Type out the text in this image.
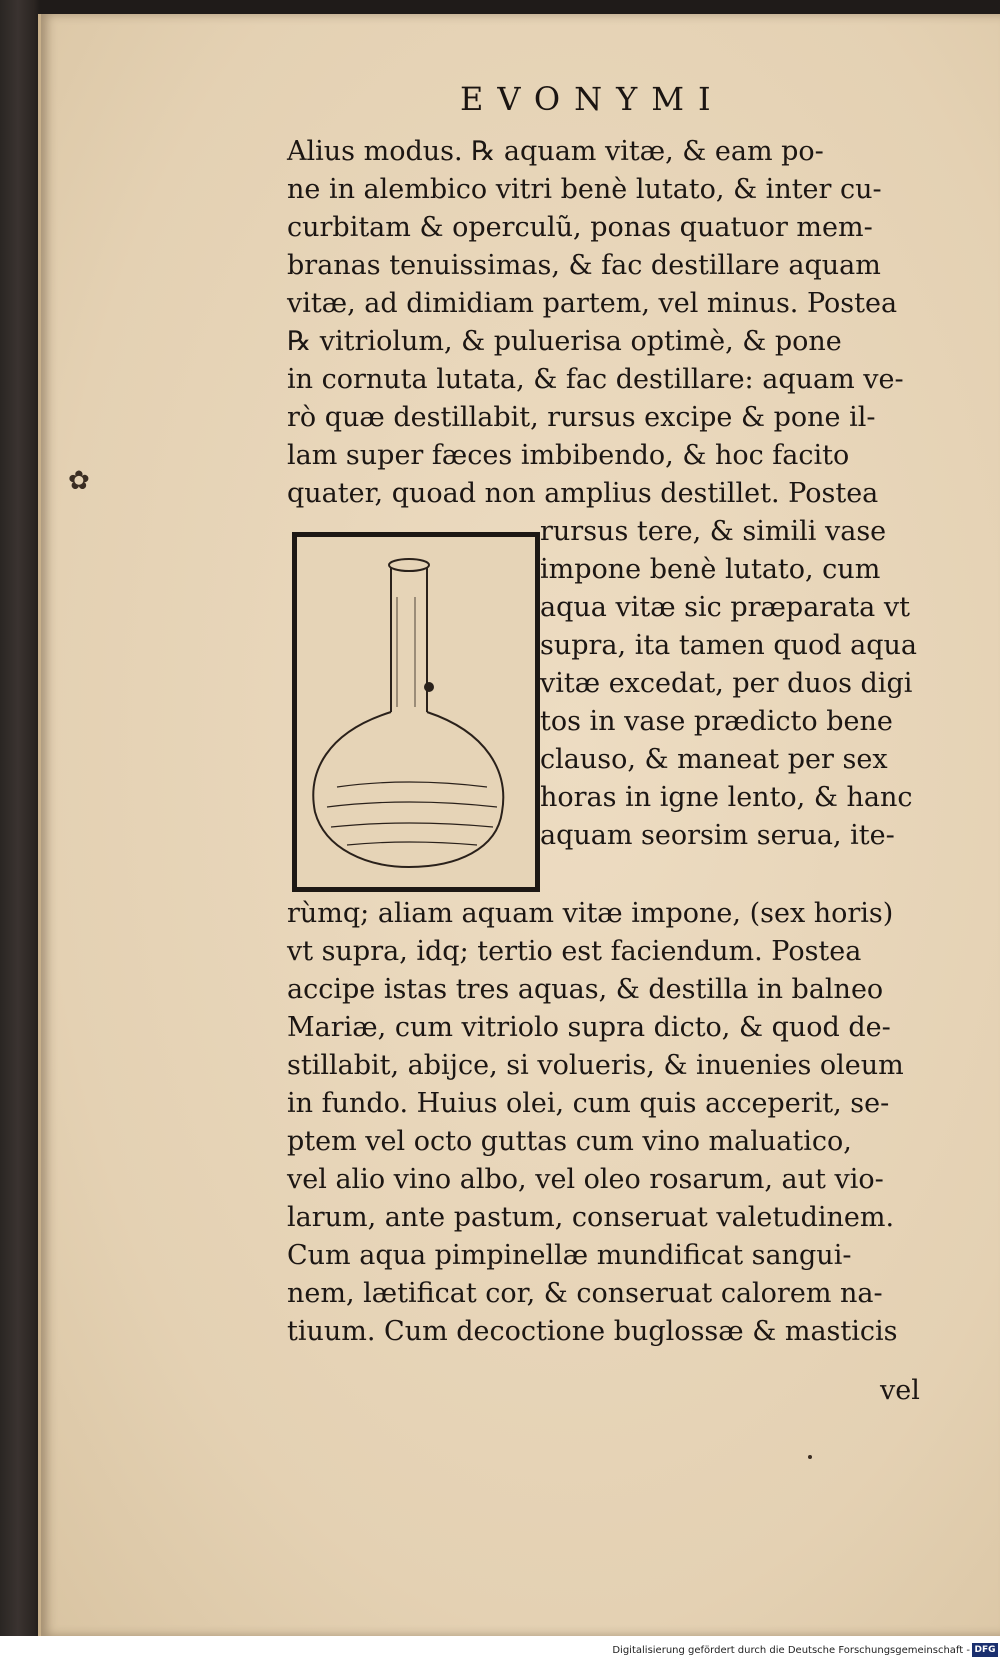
EVONYMI
Alius modus. ℞ aquam vitæ, & eam po-
ne in alembico vitri benè lutato, & inter cu-
curbitam & operculũ, ponas quatuor mem-
branas tenuissimas, & fac destillare aquam
vitæ, ad dimidiam partem, vel minus. Postea
℞ vitriolum, & puluerisa optimè, & pone
in cornuta lutata, & fac destillare: aquam ve-
rò quæ destillabit, rursus excipe & pone il-
lam super fæces imbibendo, & hoc facito
quater, quoad non amplius destillet. Postea
rursus tere, & simili vase
impone benè lutato, cum
aqua vitæ sic præparata vt
supra, ita tamen quod aqua
vitæ excedat, per duos digi
tos in vase prædicto bene
clauso, & maneat per sex
horas in igne lento, & hanc
aquam seorsim serua, ite-
rùmq; aliam aquam vitæ impone, (sex horis)
vt supra, idq; tertio est faciendum. Postea
accipe istas tres aquas, & destilla in balneo
Mariæ, cum vitriolo supra dicto, & quod de-
stillabit, abijce, si volueris, & inuenies oleum
in fundo. Huius olei, cum quis acceperit, se-
ptem vel octo guttas cum vino maluatico,
vel alio vino albo, vel oleo rosarum, aut vio-
larum, ante pastum, conseruat valetudinem.
Cum aqua pimpinellæ mundificat sangui-
nem, lætificat cor, & conseruat calorem na-
tiuum. Cum decoctione buglossæ & masticis
vel
✿
Digitalisierung gefördert durch die Deutsche Forschungsgemeinschaft - DFG
